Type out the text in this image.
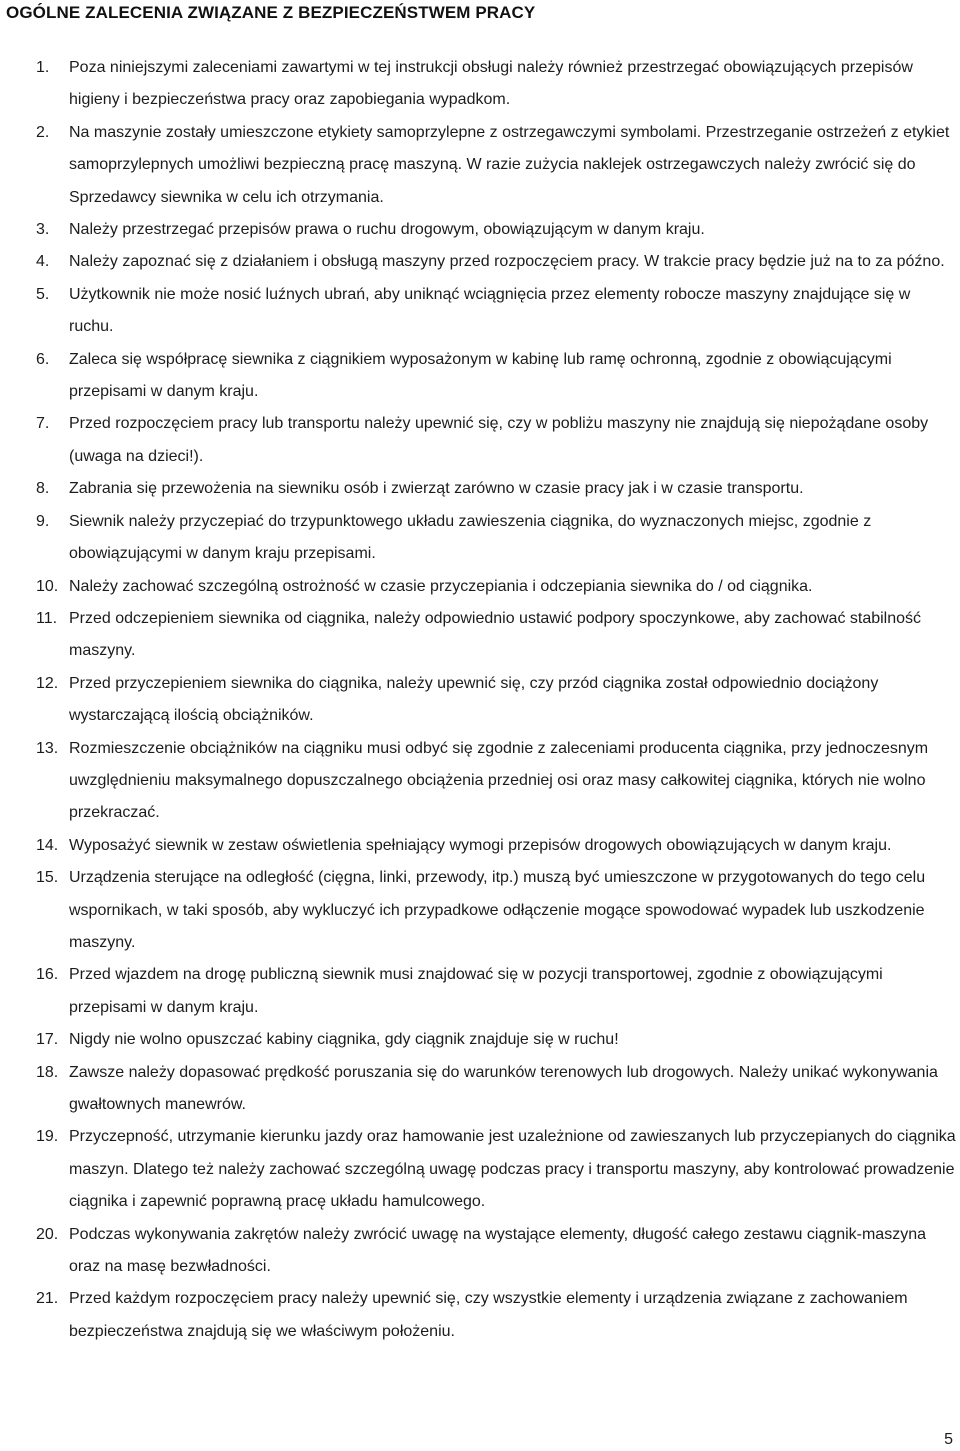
OGÓLNE ZALECENIA ZWIĄZANE Z BEZPIECZEŃSTWEM PRACY
1. Poza niniejszymi zaleceniami zawartymi w tej instrukcji obsługi należy również przestrzegać obowiązujących przepisów higieny i bezpieczeństwa pracy oraz zapobiegania wypadkom.
2. Na maszynie zostały umieszczone etykiety samoprzylepne z ostrzegawczymi symbolami. Przestrzeganie ostrzeżeń z etykiet samoprzylepnych umożliwi bezpieczną pracę maszyną. W razie zużycia naklejek ostrzegawczych należy zwrócić się do Sprzedawcy siewnika w celu ich otrzymania.
3. Należy przestrzegać przepisów prawa o ruchu drogowym, obowiązującym w danym kraju.
4. Należy zapoznać się z działaniem i obsługą maszyny przed rozpoczęciem pracy. W trakcie pracy będzie już na to za późno.
5. Użytkownik nie może nosić luźnych ubrań, aby uniknąć wciągnięcia przez elementy robocze maszyny znajdujące się w ruchu.
6. Zaleca się współpracę siewnika z ciągnikiem wyposażonym w kabinę lub ramę ochronną, zgodnie z obowiącującymi przepisami w danym kraju.
7. Przed rozpoczęciem pracy lub transportu należy upewnić się, czy w pobliżu maszyny nie znajdują się niepożądane osoby (uwaga na dzieci!).
8. Zabrania się przewożenia na siewniku osób i zwierząt zarówno w czasie pracy jak i w czasie transportu.
9. Siewnik należy przyczepiać do trzypunktowego układu zawieszenia ciągnika, do wyznaczonych miejsc, zgodnie z obowiązującymi w danym kraju przepisami.
10. Należy zachować szczególną ostrożność w czasie przyczepiania i odczepiania siewnika do / od ciągnika.
11. Przed odczepieniem siewnika od ciągnika, należy odpowiednio ustawić podpory spoczynkowe, aby zachować stabilność maszyny.
12. Przed przyczepieniem siewnika do ciągnika, należy upewnić się, czy przód ciągnika został odpowiednio dociążony wystarczającą ilością obciążników.
13. Rozmieszczenie obciążników na ciągniku musi odbyć się zgodnie z zaleceniami producenta ciągnika, przy jednoczesnym uwzględnieniu maksymalnego dopuszczalnego obciążenia przedniej osi oraz masy całkowitej ciągnika, których nie wolno przekraczać.
14. Wyposażyć siewnik w zestaw oświetlenia spełniający wymogi przepisów drogowych obowiązujących w danym kraju.
15. Urządzenia sterujące na odległość (cięgna, linki, przewody, itp.) muszą być umieszczone w przygotowanych do tego celu wspornikach, w taki sposób, aby wykluczyć ich przypadkowe odłączenie mogące spowodować wypadek lub uszkodzenie maszyny.
16. Przed wjazdem na drogę publiczną siewnik musi znajdować się w pozycji transportowej, zgodnie z obowiązującymi przepisami w danym kraju.
17. Nigdy nie wolno opuszczać kabiny ciągnika, gdy ciągnik znajduje się w ruchu!
18. Zawsze należy dopasować prędkość poruszania się do warunków terenowych lub drogowych. Należy unikać wykonywania gwałtownych manewrów.
19. Przyczepność, utrzymanie kierunku jazdy oraz hamowanie jest uzależnione od zawieszanych lub przyczepianych do ciągnika maszyn. Dlatego też należy zachować szczególną uwagę podczas pracy i transportu maszyny, aby kontrolować prowadzenie ciągnika i zapewnić poprawną pracę układu hamulcowego.
20. Podczas wykonywania zakrętów należy zwrócić uwagę na wystające elementy, długość całego zestawu ciągnik-maszyna oraz na masę bezwładności.
21. Przed każdym rozpoczęciem pracy należy upewnić się, czy wszystkie elementy i urządzenia związane z zachowaniem bezpieczeństwa znajdują się we właściwym położeniu.
5
